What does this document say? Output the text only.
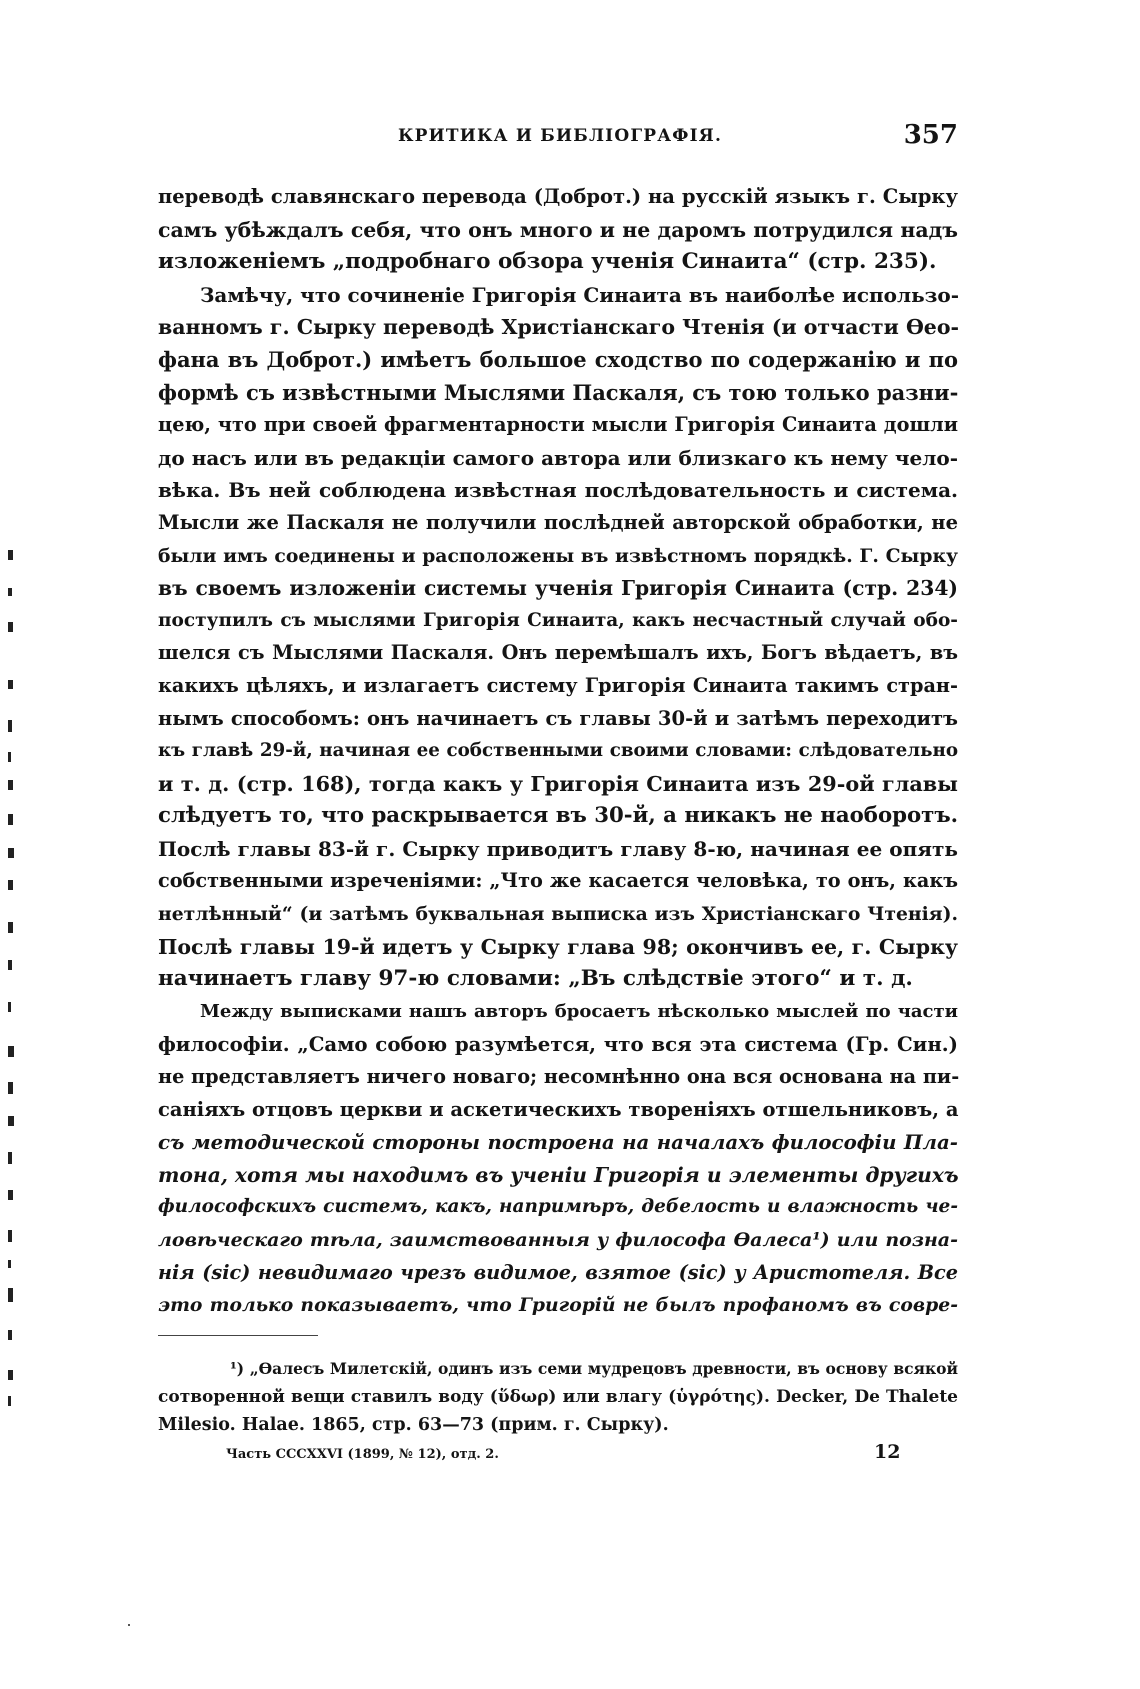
КРИТИКА И БИБЛІОГРАФІЯ.	357
переводѣ славянскаго перевода (Доброт.) на русскій языкъ г. Сырку
самъ убѣждалъ себя, что онъ много и не даромъ потрудился надъ
изложеніемъ „подробнаго обзора ученія Синаита“ (стр. 235).
Замѣчу, что сочиненіе Григорія Синаита въ наиболѣе использо-
ванномъ г. Сырку переводѣ Христіанскаго Чтенія (и отчасти Ѳео-
фана въ Доброт.) имѣетъ большое сходство по содержанію и по
формѣ съ извѣстными Мыслями Паскаля, съ тою только разни-
цею, что при своей фрагментарности мысли Григорія Синаита дошли
до насъ или въ редакціи самого автора или близкаго къ нему чело-
вѣка. Въ ней соблюдена извѣстная послѣдовательность и система.
Мысли же Паскаля не получили послѣдней авторской обработки, не
были имъ соединены и расположены въ извѣстномъ порядкѣ. Г. Сырку
въ своемъ изложеніи системы ученія Григорія Синаита (стр. 234)
поступилъ съ мыслями Григорія Синаита, какъ несчастный случай обо-
шелся съ Мыслями Паскаля. Онъ перемѣшалъ ихъ, Богъ вѣдаетъ, въ
какихъ цѣляхъ, и излагаетъ систему Григорія Синаита такимъ стран-
нымъ способомъ: онъ начинаетъ съ главы 30-й и затѣмъ переходитъ
къ главѣ 29-й, начиная ее собственными своими словами: слѣдовательно
и т. д. (стр. 168), тогда какъ у Григорія Синаита изъ 29-ой главы
слѣдуетъ то, что раскрывается въ 30-й, а никакъ не наоборотъ.
Послѣ главы 83-й г. Сырку приводитъ главу 8-ю, начиная ее опять
собственными изреченіями: „Что же касается человѣка, то онъ, какъ
нетлѣнный“ (и затѣмъ буквальная выписка изъ Христіанскаго Чтенія).
Послѣ главы 19-й идетъ у Сырку глава 98; окончивъ ее, г. Сырку
начинаетъ главу 97-ю словами: „Въ слѣдствіе этого“ и т. д.
Между выписками нашъ авторъ бросаетъ нѣсколько мыслей по части
философіи. „Само собою разумѣется, что вся эта система (Гр. Син.)
не представляетъ ничего новаго; несомнѣнно она вся основана на пи-
саніяхъ отцовъ церкви и аскетическихъ твореніяхъ отшельниковъ, а
съ методической стороны построена на началахъ философіи Пла-
тона, хотя мы находимъ въ ученіи Григорія и элементы другихъ
философскихъ системъ, какъ, напримѣръ, дебелость и влажность че-
ловѣческаго тѣла, заимствованныя у философа Ѳалеса¹) или позна-
нія (sic) невидимаго чрезъ видимое, взятое (sic) у Аристотеля. Все
это только показываетъ, что Григорій не былъ профаномъ въ совре-
¹) „Ѳалесъ Милетскій, одинъ изъ семи мудрецовъ древности, въ основу всякой
сотворенной вещи ставилъ воду (ὕδωρ) или влагу (ὑγρότης). Decker, De Thalete
Milesio. Halae. 1865, стр. 63—73 (прим. г. Сырку).
Часть CCCXXVI (1899, № 12), отд. 2.	12
